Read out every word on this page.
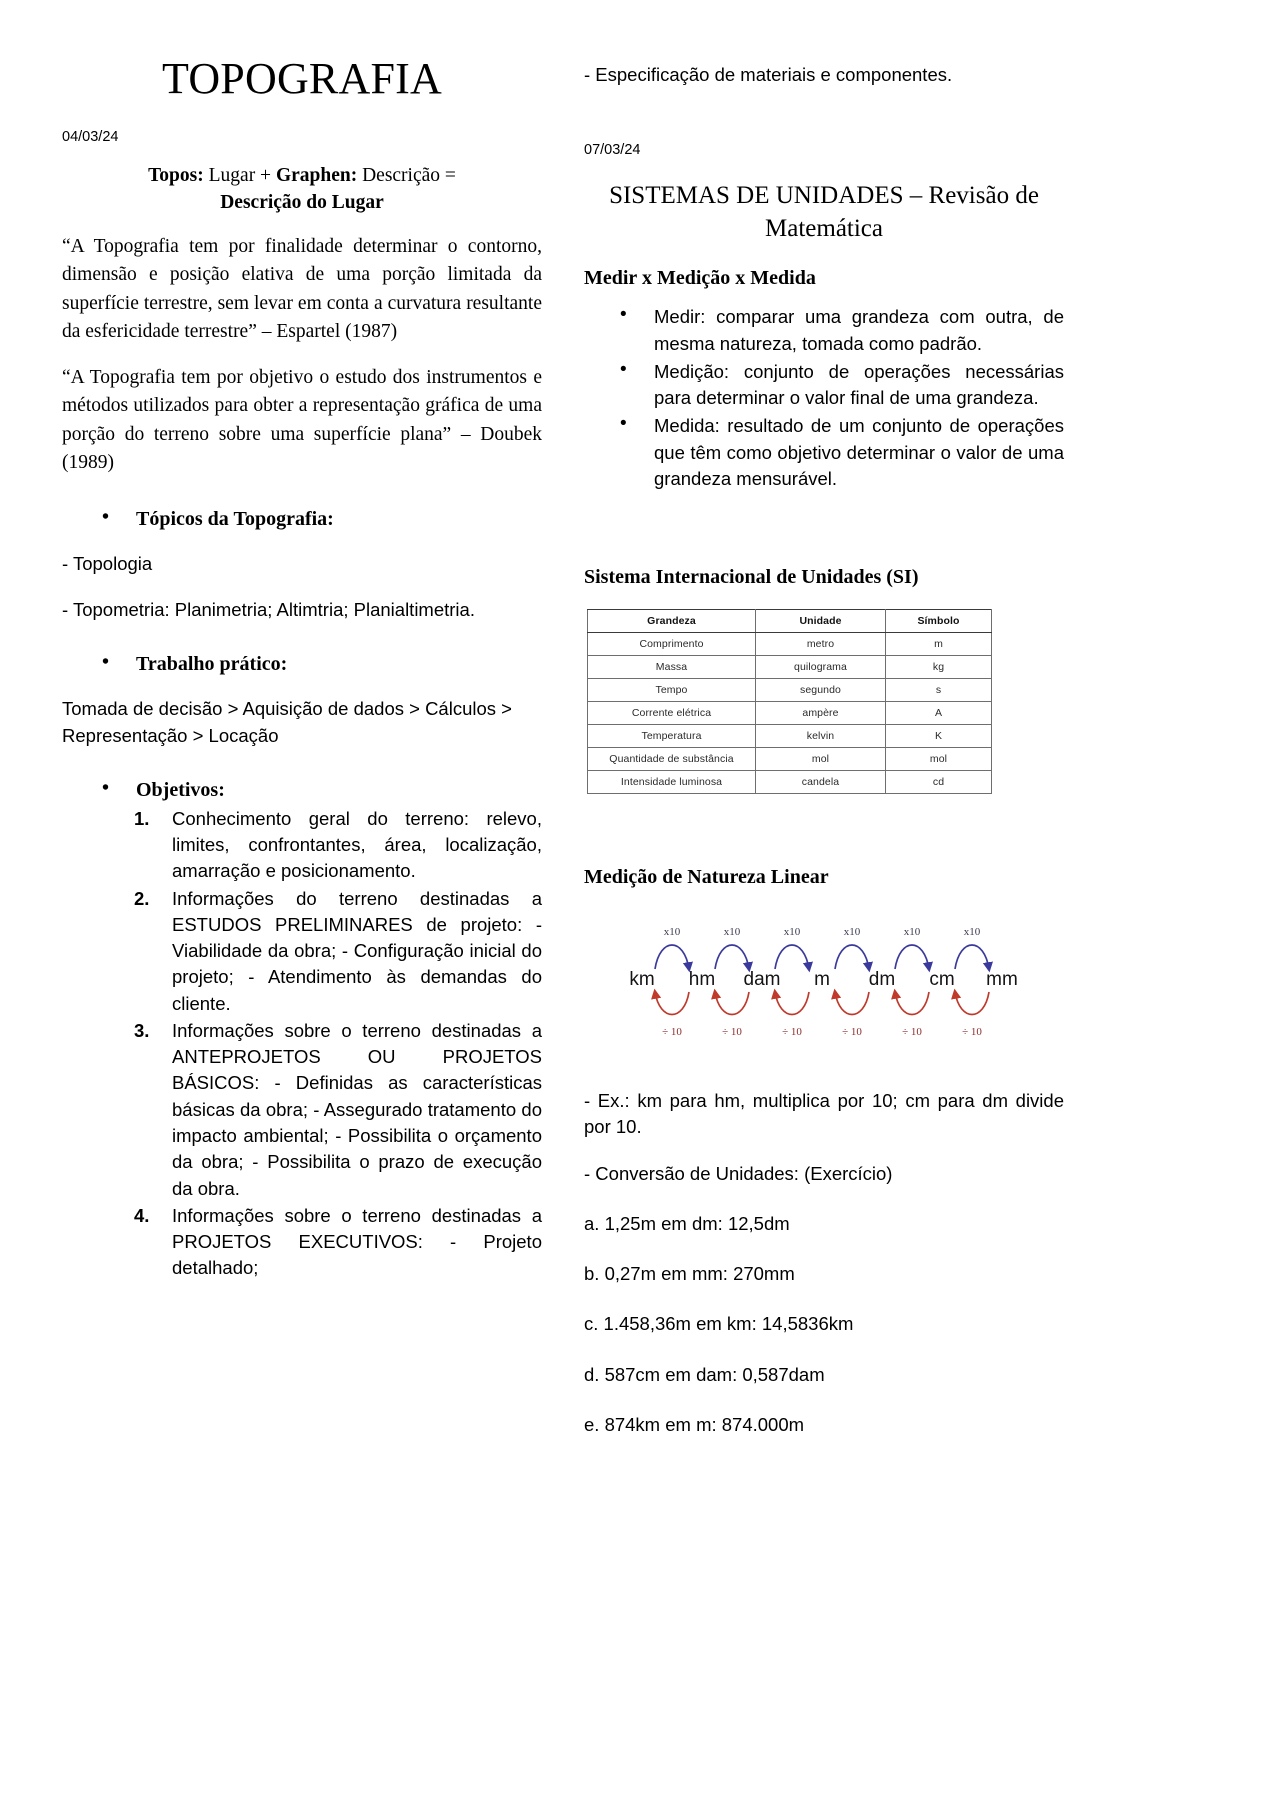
TOPOGRAFIA
04/03/24
Topos: Lugar + Graphen: Descrição =
Descrição do Lugar

“A Topografia tem por finalidade determinar o contorno, dimensão e posição elativa de uma porção limitada da superfície terrestre, sem levar em conta a curvatura resultante da esfericidade terrestre” – Espartel (1987)

“A Topografia tem por objetivo o estudo dos instrumentos e métodos utilizados para obter a representação gráfica de uma porção do terreno sobre uma superfície plana” – Doubek (1989)

• Tópicos da Topografia:

- Topologia

- Topometria: Planimetria; Altimtria; Planialtimetria.

• Trabalho prático:

Tomada de decisão > Aquisição de dados > Cálculos > Representação > Locação

• Objetivos:
Conhecimento geral do terreno: relevo, limites, confrontantes, área, localização, amarração e posicionamento.
Informações do terreno destinadas a ESTUDOS PRELIMINARES de projeto: - Viabilidade da obra; - Configuração inicial do projeto; - Atendimento às demandas do cliente.
Informações sobre o terreno destinadas a ANTEPROJETOS OU PROJETOS BÁSICOS: - Definidas as características básicas da obra; - Assegurado tratamento do impacto ambiental; - Possibilita o orçamento da obra; - Possibilita o prazo de execução da obra.
Informações sobre o terreno destinadas a PROJETOS EXECUTIVOS: - Projeto detalhado;

- Especificação de materiais e componentes.

07/03/24
SISTEMAS DE UNIDADES – Revisão de Matemática
Medir x Medição x Medida
• Medir: comparar uma grandeza com outra, de mesma natureza, tomada como padrão.
• Medição: conjunto de operações necessárias para determinar o valor final de uma grandeza.
• Medida: resultado de um conjunto de operações que têm como objetivo determinar o valor de uma grandeza mensurável.
Sistema Internacional de Unidades (SI)
Grandeza	Unidade	Símbolo
Comprimento	metro	m
Massa	quilograma	kg
Tempo	segundo	s
Corrente elétrica	ampère	A
Temperatura	kelvin	K
Quantidade de substância	mol	mol
Intensidade luminosa	candela	cd
Medição de Natureza Linear
km hm dam m dm cm mm
x10
÷ 10
x10
÷ 10
x10
÷ 10
x10
÷ 10
x10
÷ 10
x10
÷ 10

- Ex.: km para hm, multiplica por 10; cm para dm divide por 10.

- Conversão de Unidades: (Exercício)

a. 1,25m em dm: 12,5dm

b. 0,27m em mm: 270mm

c. 1.458,36m em km: 14,5836km

d. 587cm em dam: 0,587dam

e. 874km em m: 874.000m
